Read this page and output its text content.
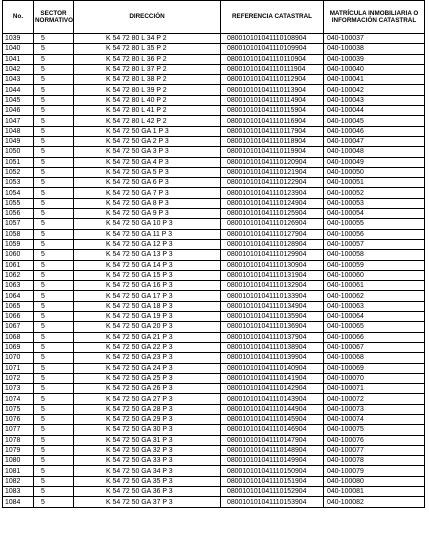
No.	SECTOR NORMATIVO	DIRECCIÓN	REFERENCIA CATASTRAL	MATRÍCULA INMOBILIARIA O INFORMACIÓN CATASTRAL
1039	5	K 54 72 80 L 34 P 2	080010101041110108904	040-100037
1040	5	K 54 72 80 L 35 P 2	080010101041110109904	040-100038
1041	5	K 54 72 80 L 36 P 2	080010101041110110904	040-100039
1042	5	K 54 72 80 L 37 P 2	080010101041110111904	040-100040
1043	5	K 54 72 80 L 38 P 2	080010101041110112904	040-100041
1044	5	K 54 72 80 L 39 P 2	080010101041110113904	040-100042
1045	5	K 54 72 80 L 40 P 2	080010101041110114904	040-100043
1046	5	K 54 72 80 L 41 P 2	080010101041110115904	040-100044
1047	5	K 54 72 80 L 42 P 2	080010101041110116904	040-100045
1048	5	K 54 72 50 GA 1 P 3	080010101041110117904	040-100046
1049	5	K 54 72 50 GA 2 P 3	080010101041110118904	040-100047
1050	5	K 54 72 50 GA 3 P 3	080010101041110119904	040-100048
1051	5	K 54 72 50 GA 4 P 3	080010101041110120904	040-100049
1052	5	K 54 72 50 GA 5 P 3	080010101041110121904	040-100050
1053	5	K 54 72 50 GA 6 P 3	080010101041110122904	040-100051
1054	5	K 54 72 50 GA 7 P 3	080010101041110123904	040-100052
1055	5	K 54 72 50 GA 8 P 3	080010101041110124904	040-100053
1056	5	K 54 72 50 GA 9 P 3	080010101041110125904	040-100054
1057	5	K 54 72 50 GA 10 P 3	080010101041110126904	040-100055
1058	5	K 54 72 50 GA 11 P 3	080010101041110127904	040-100056
1059	5	K 54 72 50 GA 12 P 3	080010101041110128904	040-100057
1060	5	K 54 72 50 GA 13 P 3	080010101041110129904	040-100058
1061	5	K 54 72 50 GA 14 P 3	080010101041110130904	040-100059
1062	5	K 54 72 50 GA 15 P 3	080010101041110131904	040-100060
1063	5	K 54 72 50 GA 16 P 3	080010101041110132904	040-100061
1064	5	K 54 72 50 GA 17 P 3	080010101041110133904	040-100062
1065	5	K 54 72 50 GA 18 P 3	080010101041110134904	040-100063
1066	5	K 54 72 50 GA 19 P 3	080010101041110135904	040-100064
1067	5	K 54 72 50 GA 20 P 3	080010101041110136904	040-100065
1068	5	K 54 72 50 GA 21 P 3	080010101041110137904	040-100066
1069	5	K 54 72 50 GA 22 P 3	080010101041110138904	040-100067
1070	5	K 54 72 50 GA 23 P 3	080010101041110139904	040-100068
1071	5	K 54 72 50 GA 24 P 3	080010101041110140904	040-100069
1072	5	K 54 72 50 GA 25 P 3	080010101041110141904	040-100070
1073	5	K 54 72 50 GA 26 P 3	080010101041110142904	040-100071
1074	5	K 54 72 50 GA 27 P 3	080010101041110143904	040-100072
1075	5	K 54 72 50 GA 28 P 3	080010101041110144904	040-100073
1076	5	K 54 72 50 GA 29 P 3	080010101041110145904	040-100074
1077	5	K 54 72 50 GA 30 P 3	080010101041110146904	040-100075
1078	5	K 54 72 50 GA 31 P 3	080010101041110147904	040-100076
1079	5	K 54 72 50 GA 32 P 3	080010101041110148904	040-100077
1080	5	K 54 72 50 GA 33 P 3	080010101041110149904	040-100078
1081	5	K 54 72 50 GA 34 P 3	080010101041110150904	040-100079
1082	5	K 54 72 50 GA 35 P 3	080010101041110151904	040-100080
1083	5	K 54 72 50 GA 36 P 3	080010101041110152904	040-100081
1084	5	K 54 72 50 GA 37 P 3	080010101041110153904	040-100082
